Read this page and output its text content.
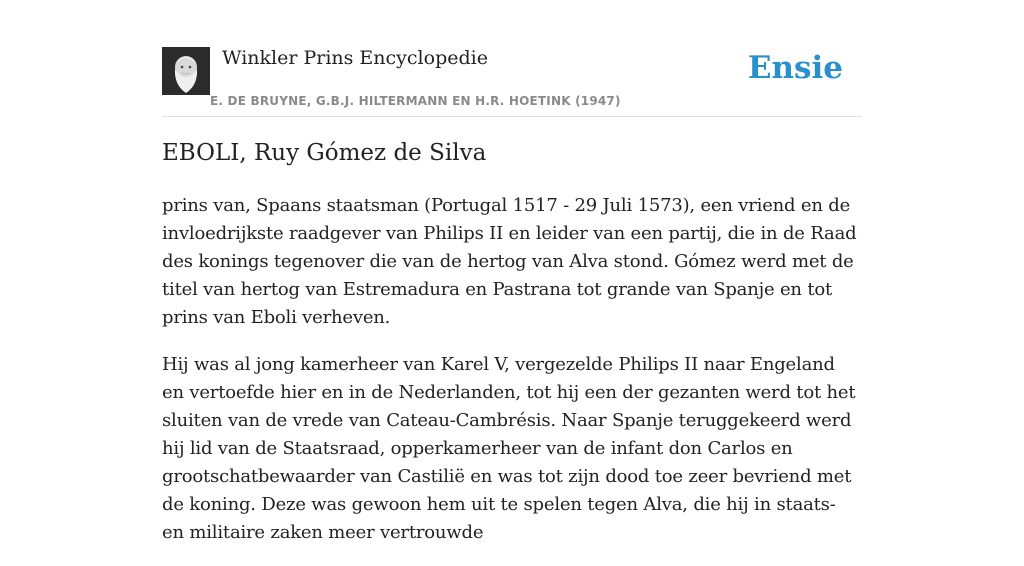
Winkler Prins Encyclopedie
E. DE BRUYNE, G.B.J. HILTERMANN EN H.R. HOETINK (1947)
Ensie
EBOLI, Ruy Gómez de Silva

prins van, Spaans staatsman (Portugal 1517 - 29 Juli 1573), een vriend en de invloedrijkste raadgever van Philips II en leider van een partij, die in de Raad des konings tegenover die van de hertog van Alva stond. Gómez werd met de titel van hertog van Estremadura en Pastrana tot grande van Spanje en tot prins van Eboli verheven.

Hij was al jong kamerheer van Karel V, vergezelde Philips II naar Engeland en vertoefde hier en in de Nederlanden, tot hij een der gezanten werd tot het sluiten van de vrede van Cateau-Cambrésis. Naar Spanje teruggekeerd werd hij lid van de Staatsraad, opperkamerheer van de infant don Carlos en grootschatbewaarder van Castilië en was tot zijn dood toe zeer bevriend met de koning. Deze was gewoon hem uit te spelen tegen Alva, die hij in staats- en militaire zaken meer vertrouwde
